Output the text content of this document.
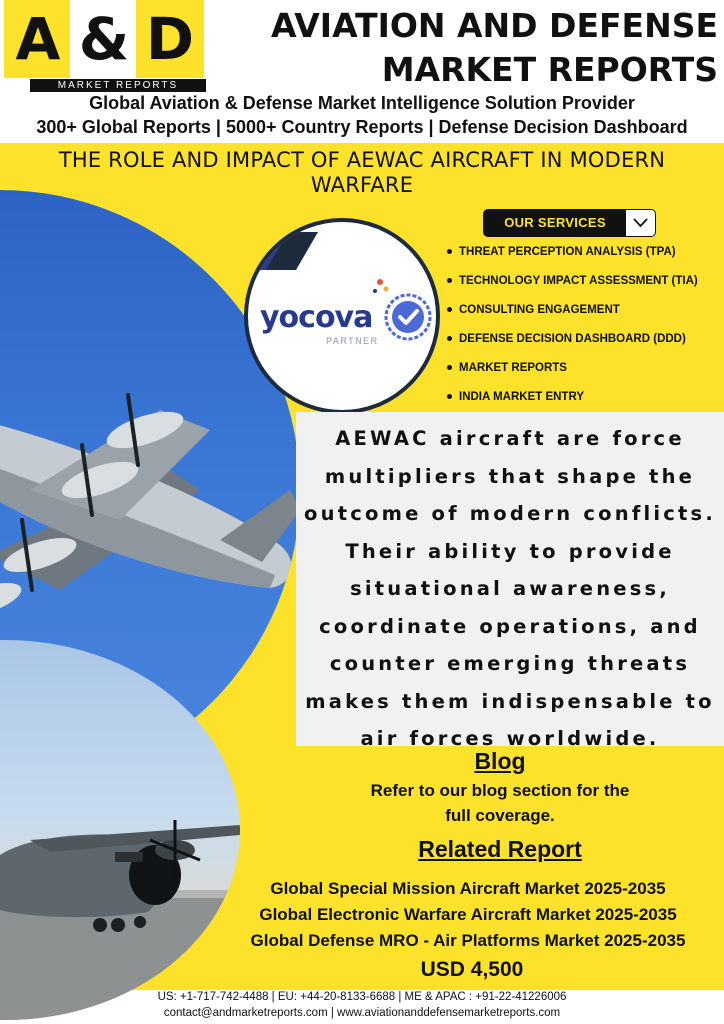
A & D
MARKET REPORTS
AVIATION AND DEFENSE
MARKET REPORTS
Global Aviation & Defense Market Intelligence Solution Provider
300+ Global Reports | 5000+ Country Reports | Defense Decision Dashboard
THE ROLE AND IMPACT OF AEWAC AIRCRAFT IN MODERN
WARFARE
yocova
PARTNER
OUR SERVICES
THREAT PERCEPTION ANALYSIS (TPA)
TECHNOLOGY IMPACT ASSESSMENT (TIA)
CONSULTING ENGAGEMENT
DEFENSE DECISION DASHBOARD (DDD)
MARKET REPORTS
INDIA MARKET ENTRY
AEWAC aircraft are force
multipliers that shape the
outcome of modern conflicts.
Their ability to provide
situational awareness,
coordinate operations, and
counter emerging threats
makes them indispensable to
air forces worldwide.
Blog
Refer to our blog section for the
full coverage.
Related Report
Global Special Mission Aircraft Market 2025-2035
Global Electronic Warfare Aircraft Market 2025-2035
Global Defense MRO - Air Platforms Market 2025-2035
USD 4,500
US: +1-717-742-4488 | EU: +44-20-8133-6688 | ME & APAC : +91-22-41226006
contact@andmarketreports.com | www.aviationanddefensemarketreports.com
